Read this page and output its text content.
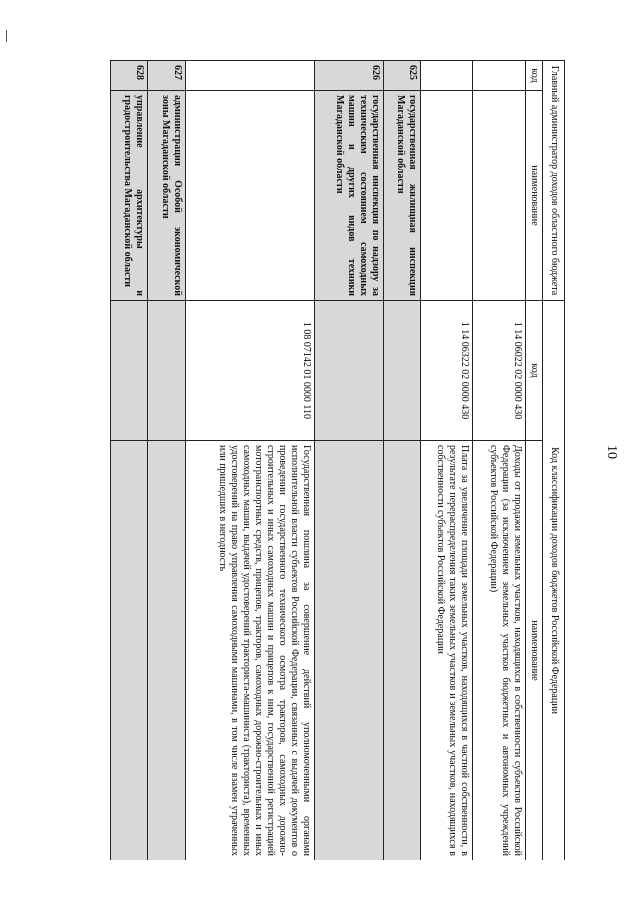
10
Главный администратор доходов областного бюджета		Код классификации доходов бюджетов Российской Федерации	
код	наименование	код	наименование
		1 14 06022 02 0000 430	Доходы от продажи земельных участков, находящихся в собственности субъектов Российской Федерации (за исключением земельных участков бюджетных и автономных учреждений субъектов Российской Федерации)
		1 14 06322 02 0000 430	Плата за увеличение площади земельных участков, находящихся в частной собственности, в результате перераспределения таких земельных участков и земельных участков, находящихся в собственности субъектов Российской Федерации
625	государственная жилищная инспекция Магаданской области		
626	государственная инспекция по надзору за техническим состоянием самоходных машин и других видов техники Магаданской области		
		1 08 07142 01 0000 110	Государственная пошлина за совершение действий уполномоченными органами исполнительной власти субъектов Российской Федерации, связанных с выдачей документов о проведении государственного технического осмотра тракторов, самоходных дорожно-строительных и иных самоходных машин и прицепов к ним, государственной регистрацией мототранспортных средств, прицепов, тракторов, самоходных дорожно-строительных и иных самоходных машин, выдачей удостоверений тракториста-машиниста (тракториста), временных удостоверений на право управления самоходными машинами, в том числе взамен утраченных или пришедших в негодность
627	администрация Особой экономической зоны Магаданской области		
628	управление архитектуры и градостроительства Магаданской области		
